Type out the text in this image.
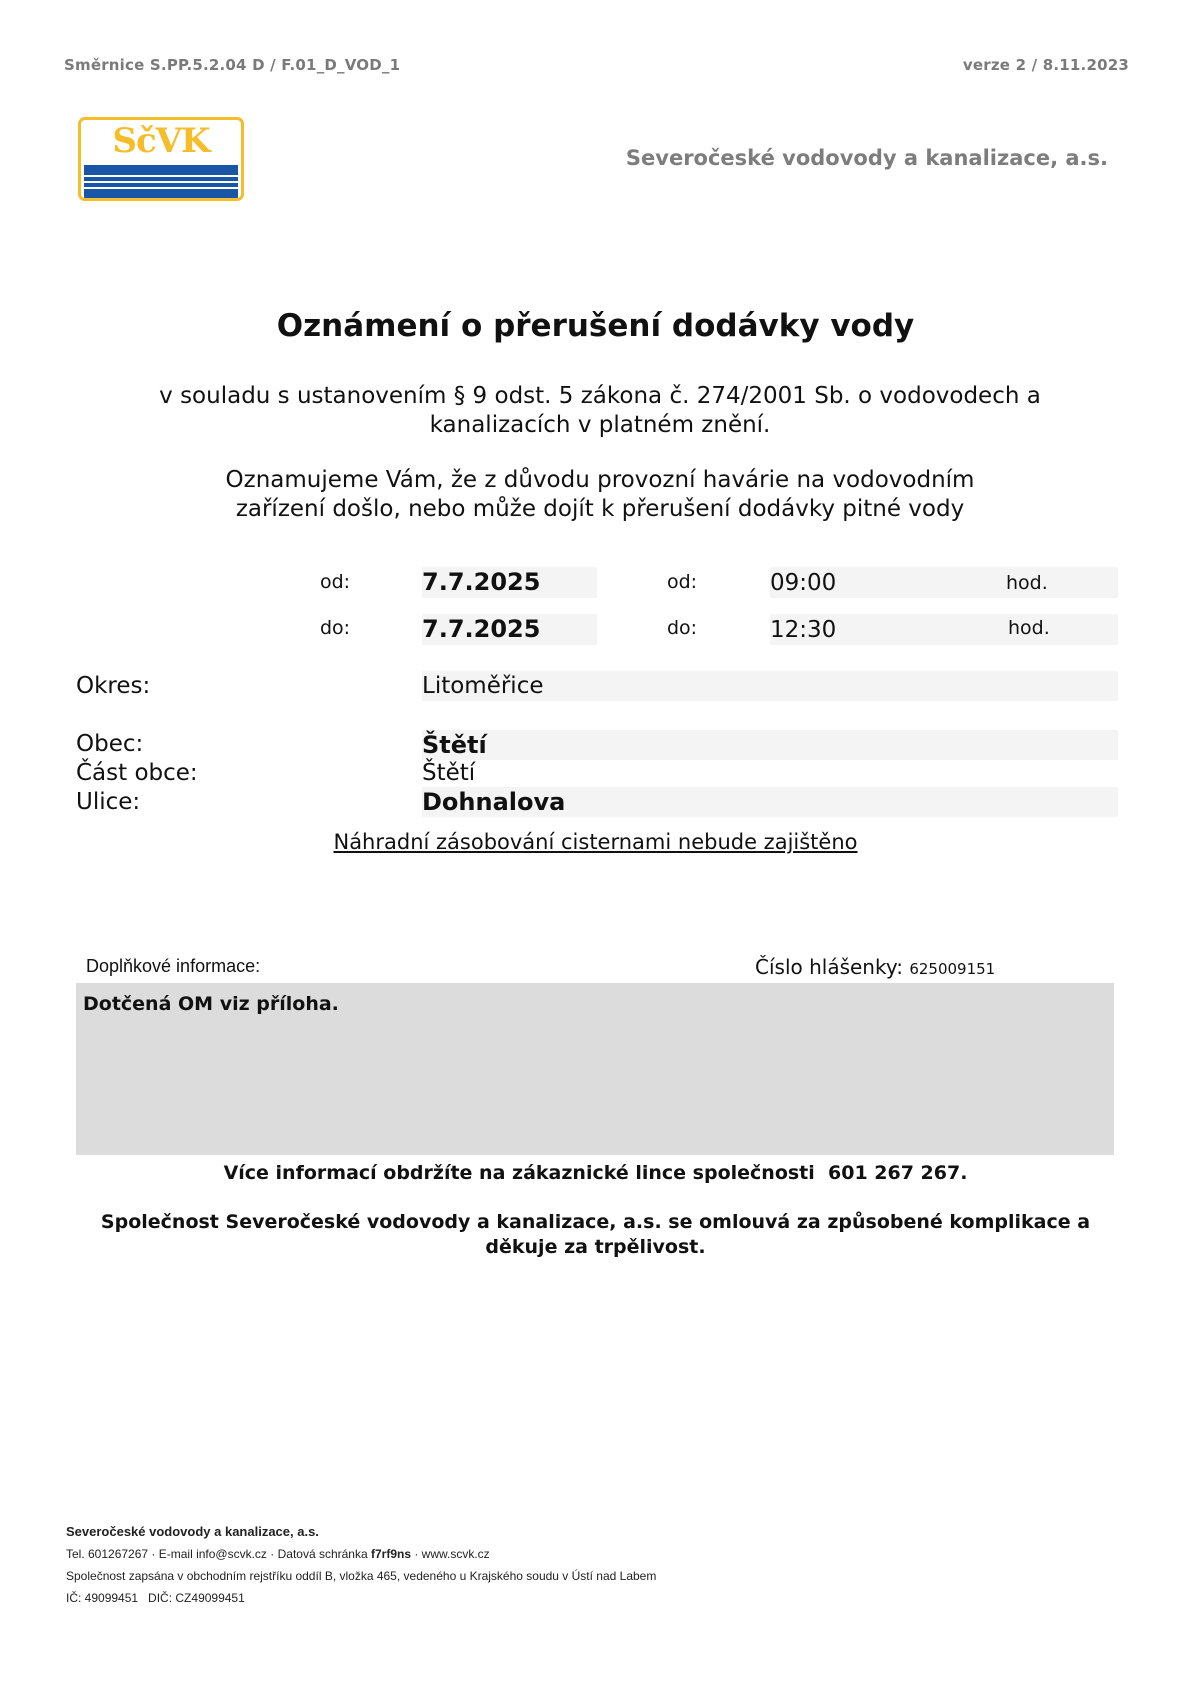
Směrnice S.PP.5.2.04 D / F.01_D_VOD_1	verze 2 / 8.11.2023
SčVK	Severočeské vodovody a kanalizace, a.s.
Oznámení o přerušení dodávky vody
v souladu s ustanovením § 9 odst. 5 zákona č. 274/2001 Sb. o vodovodech a kanalizacích v platném znění.
Oznamujeme Vám, že z důvodu provozní havárie na vodovodním zařízení došlo, nebo může dojít k přerušení dodávky pitné vody
od:	7.7.2025	od:	09:00	hod.
do:	7.7.2025	do:	12:30	hod.
Okres:	Litoměřice
Obec:	Štětí
Část obce:	Štětí
Ulice:	Dohnalova
Náhradní zásobování cisternami nebude zajištěno
Doplňkové informace:	Číslo hlášenky: 625009151
Dotčená OM viz příloha.
Více informací obdržíte na zákaznické lince společnosti  601 267 267.
Společnost Severočeské vodovody a kanalizace, a.s. se omlouvá za způsobené komplikace a děkuje za trpělivost.
Severočeské vodovody a kanalizace, a.s.
Tel. 601267267 · E-mail info@scvk.cz · Datová schránka f7rf9ns · www.scvk.cz
Společnost zapsána v obchodním rejstříku oddíl B, vložka 465, vedeného u Krajského soudu v Ústí nad Labem
IČ: 49099451   DIČ: CZ49099451
